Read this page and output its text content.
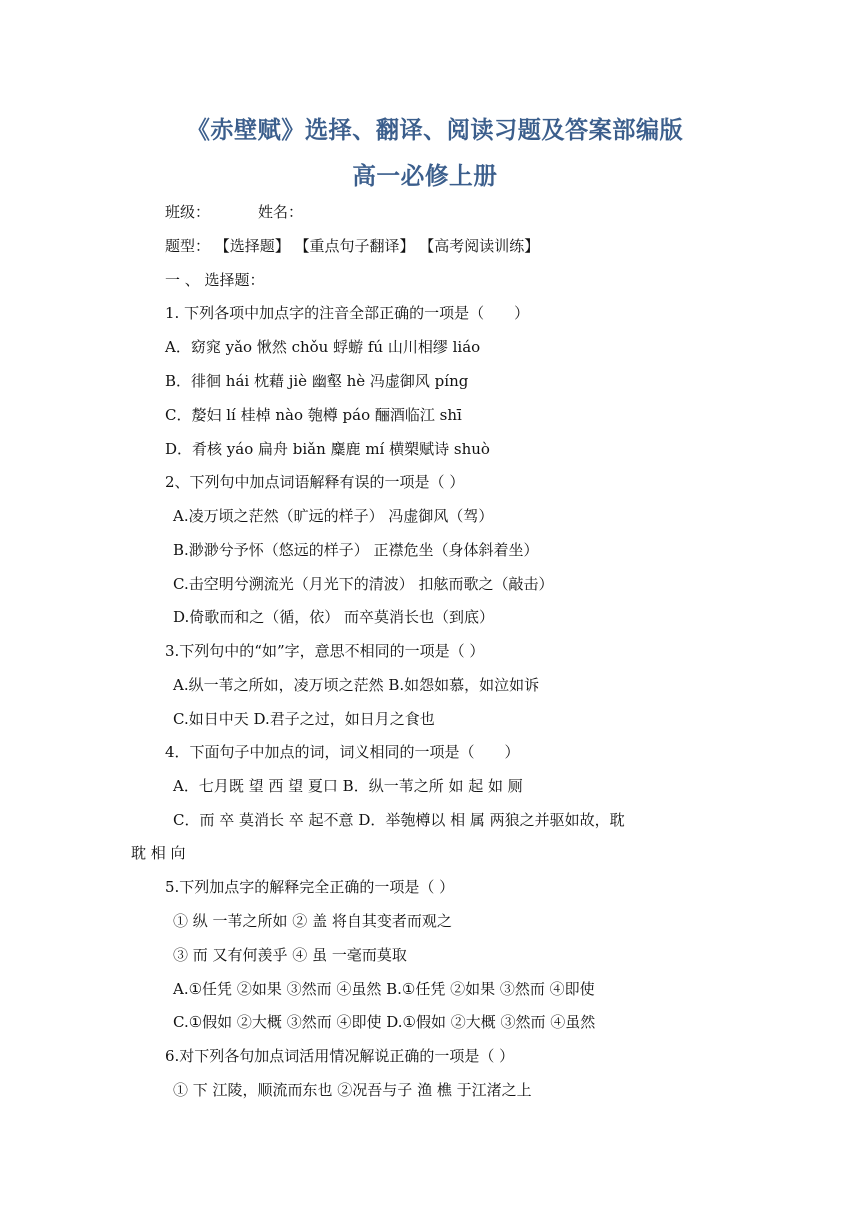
《赤壁赋》选择、翻译、阅读习题及答案部编版
高一必修上册
班级：	姓名：
题型： 【选择题】 【重点句子翻译】 【高考阅读训练】
一 、 选择题：
1. 下列各项中加点字的注音全部正确的一项是（　　）
A．窈窕 yǎo 愀然 chǒu 蜉蝣 fú 山川相缪 liáo
B．徘徊 hái 枕藉 jiè 幽壑 hè 冯虚御风 píng
C．嫠妇 lí 桂棹 nào 匏樽 páo 酾酒临江 shī
D．肴核 yáo 扁舟 biǎn 麋鹿 mí 横槊赋诗 shuò
2、下列句中加点词语解释有误的一项是（ ）
A.凌万顷之茫然（旷远的样子） 冯虚御风（驾）
B.渺渺兮予怀（悠远的样子） 正襟危坐（身体斜着坐）
C.击空明兮溯流光（月光下的清波） 扣舷而歌之（敲击）
D.倚歌而和之（循，依） 而卒莫消长也（到底）
3.下列句中的“如”字，意思不相同的一项是（ ）
A.纵一苇之所如，凌万顷之茫然 B.如怨如慕，如泣如诉
C.如日中天 D.君子之过，如日月之食也
4．下面句子中加点的词，词义相同的一项是（　　）
A．七月既 望 西 望 夏口 B．纵一苇之所 如 起 如 厕
C．而 卒 莫消长 卒 起不意 D．举匏樽以 相 属 两狼之并驱如故，耽
耽 相 向
5.下列加点字的解释完全正确的一项是（ ）
① 纵 一苇之所如 ② 盖 将自其变者而观之
③ 而 又有何羡乎 ④ 虽 一毫而莫取
A.①任凭 ②如果 ③然而 ④虽然 B.①任凭 ②如果 ③然而 ④即使
C.①假如 ②大概 ③然而 ④即使 D.①假如 ②大概 ③然而 ④虽然
6.对下列各句加点词活用情况解说正确的一项是（ ）
① 下 江陵，顺流而东也 ②况吾与子 渔 樵 于江渚之上
